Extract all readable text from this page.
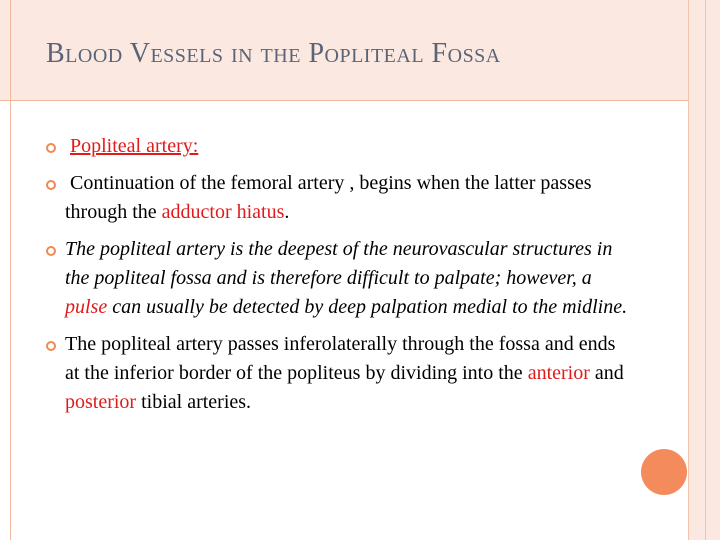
Blood Vessels in the Popliteal Fossa
Popliteal artery:
Continuation of the femoral artery , begins when the latter passes through the adductor hiatus.
The popliteal artery is the deepest of the neurovascular structures in the popliteal fossa and is therefore difficult to palpate; however, a pulse can usually be detected by deep palpation medial to the midline.
The popliteal artery passes inferolaterally through the fossa and ends at the inferior border of the popliteus by dividing into the anterior and posterior tibial arteries.
